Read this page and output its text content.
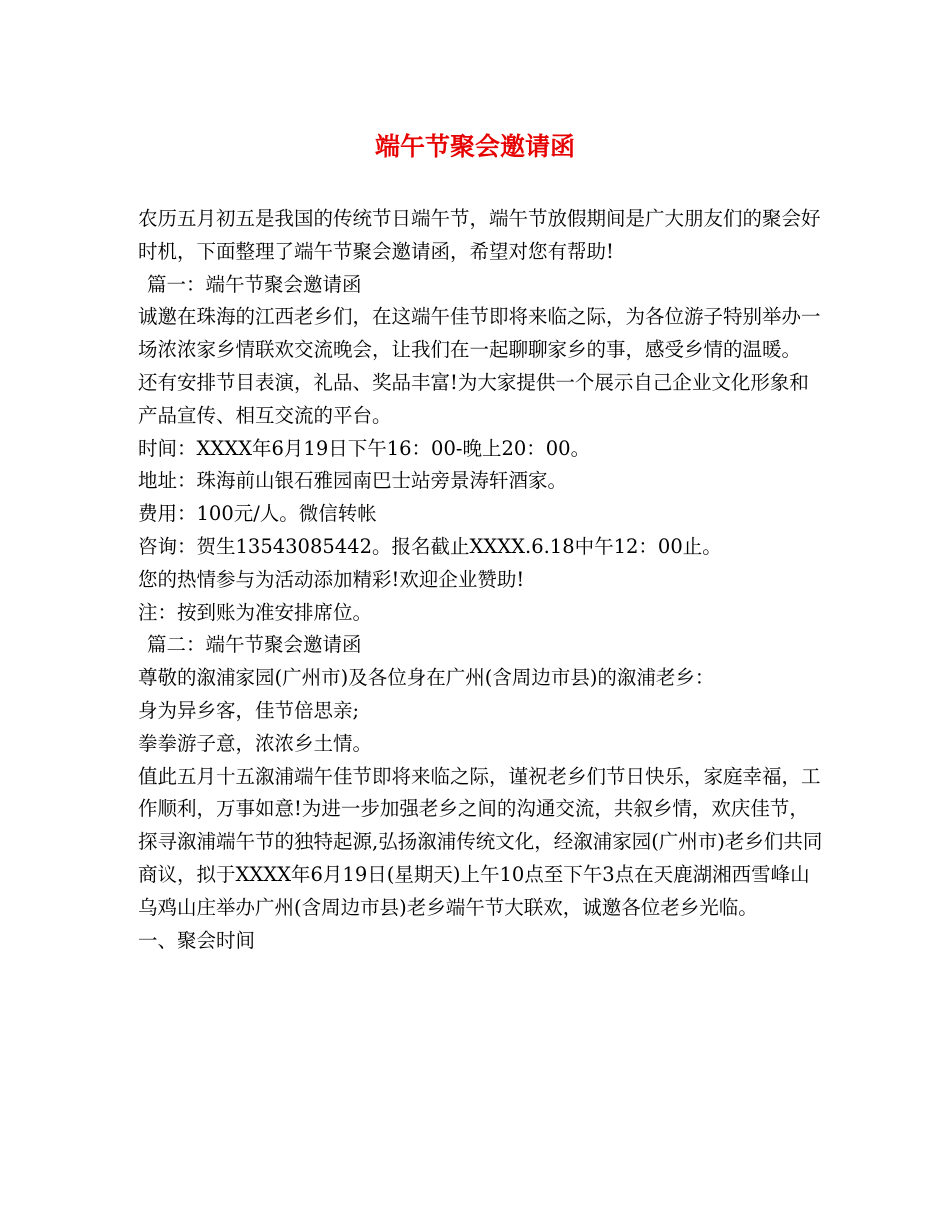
端午节聚会邀请函

农历五月初五是我国的传统节日端午节，端午节放假期间是广大朋友们的聚会好时机，下面整理了端午节聚会邀请函，希望对您有帮助!

篇一：端午节聚会邀请函

诚邀在珠海的江西老乡们，在这端午佳节即将来临之际，为各位游子特别举办一场浓浓家乡情联欢交流晚会，让我们在一起聊聊家乡的事，感受乡情的温暖。

还有安排节目表演，礼品、奖品丰富!为大家提供一个展示自己企业文化形象和产品宣传、相互交流的平台。

时间：XXXX年6月19日下午16：00-晚上20：00。

地址：珠海前山银石雅园南巴士站旁景涛轩酒家。

费用：100元/人。微信转帐

咨询：贺生13543085442。报名截止XXXX.6.18中午12：00止。

您的热情参与为活动添加精彩!欢迎企业赞助!

注：按到账为准安排席位。

篇二：端午节聚会邀请函

尊敬的溆浦家园(广州市)及各位身在广州(含周边市县)的溆浦老乡：

身为异乡客，佳节倍思亲;

拳拳游子意，浓浓乡土情。

值此五月十五溆浦端午佳节即将来临之际，谨祝老乡们节日快乐，家庭幸福，工作顺利，万事如意!为进一步加强老乡之间的沟通交流，共叙乡情，欢庆佳节，探寻溆浦端午节的独特起源,弘扬溆浦传统文化，经溆浦家园(广州市)老乡们共同商议，拟于XXXX年6月19日(星期天)上午10点至下午3点在天鹿湖湘西雪峰山乌鸡山庄举办广州(含周边市县)老乡端午节大联欢，诚邀各位老乡光临。

一、聚会时间
